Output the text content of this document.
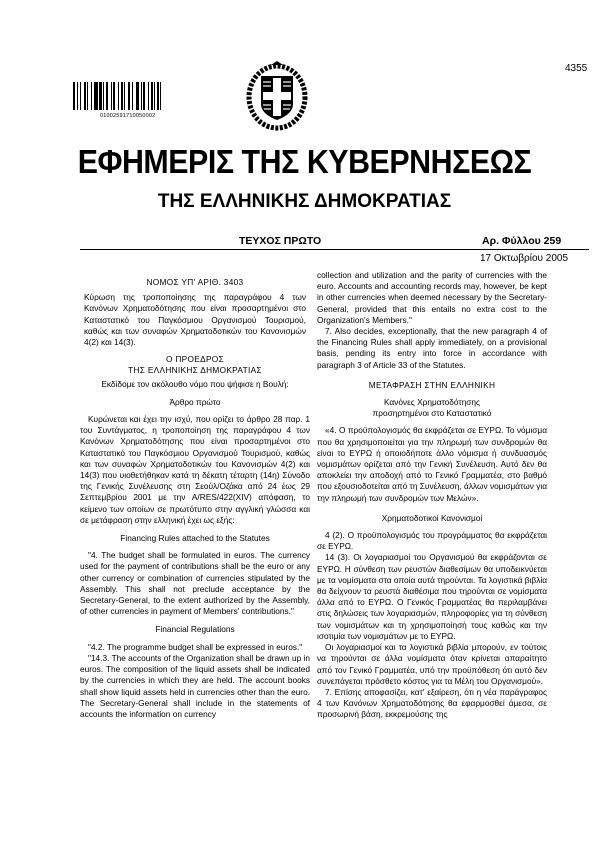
4355
01002591710050002
ΕΦΗΜΕΡΙΣ ΤΗΣ ΚΥΒΕΡΝΗΣΕΩΣ
ΤΗΣ ΕΛΛΗΝΙΚΗΣ ΔΗΜΟΚΡΑΤΙΑΣ
ΤΕΥΧΟΣ ΠΡΩΤΟ	Αρ. Φύλλου 259
17 Οκτωβρίου 2005
ΝΟΜΟΣ ΥΠ' ΑΡΙΘ. 3403

Κύρωση της τροποποίησης της παραγράφου 4 των Κανόνων Χρηματοδότησης που είναι προσαρτημένοι στο Καταστατικό του Παγκόσμιου Οργανισμού Τουρισμού, καθώς και των συναφών Χρηματοδοτικών του Κανονισμών 4(2) και 14(3).

Ο ΠΡΟΕΔΡΟΣ
ΤΗΣ ΕΛΛΗΝΙΚΗΣ ΔΗΜΟΚΡΑΤΙΑΣ
Εκδίδομε τον ακόλουθο νόμο που ψήφισε η Βουλή:
Άρθρο πρώτο

Κυρώνεται και έχει την ισχύ, που ορίζει το άρθρο 28 παρ. 1 του Συντάγματος, η τροποποίηση της παραγράφου 4 των Κανόνων Χρηματοδότησης που είναι προσαρτημένοι στο Καταστατικό του Παγκόσμιου Οργανισμού Τουρισμού, καθώς και των συναφών Χρηματοδοτικών του Κανονισμών 4(2) και 14(3) που υιοθετήθηκαν κατά τη δέκατη τέταρτη (14η) Σύνοδο της Γενικής Συνέλευσης στη Σεούλ/Οζάκα από 24 έως 29 Σεπτεμβρίου 2001 με την A/RES/422(XIV) απόφαση, το κείμενο των οποίων σε πρωτότυπο στην αγγλική γλώσσα και σε μετάφραση στην ελληνική έχει ως εξής:

Financing Rules attached to the Statutes

"4. The budget shall be formulated in euros. The currency used for the payment of contributions shall be the euro or any other currency or combination of currencies stipulated by the Assembly. This shall not preclude acceptance by the Secretary-General, to the extent authorized by the Assembly, of other currencies in payment of Members' contributions."

Financial Regulations

"4.2. The programme budget shall be expressed in euros."

"14.3. The accounts of the Organization shall be drawn up in euros. The composition of the liquid assets shall be indicated by the currencies in which they are held. The account books shall show liquid assets held in currencies other than the euro. The Secretary-General shall include in the statements of accounts the information on currency

collection and utilization and the parity of currencies with the euro. Accounts and accounting records may, however, be kept in other currencies when deemed necessary by the Secretary-General, provided that this entails no extra cost to the Organization's Members."

7. Also decides, exceptionally, that the new paragraph 4 of the Financing Rules shall apply immediately, on a provisional basis, pending its entry into force in accordance with paragraph 3 of Article 33 of the Statutes.

ΜΕΤΑΦΡΑΣΗ ΣΤΗΝ ΕΛΛΗΝΙΚΗ
Κανόνες Χρηματοδότησης
προσηρτημένοι στο Καταστατικό

«4. Ο προϋπολογισμός θα εκφράζεται σε ΕΥΡΩ. Το νόμισμα που θα χρησιμοποιείται για την πληρωμή των συνδρομών θα είναι το ΕΥΡΩ ή οποιοδήποτε άλλο νόμισμα ή συνδυασμός νομισμάτων ορίζεται από την Γενική Συνέλευση. Αυτό δεν θα αποκλείει την αποδοχή από το Γενικό Γραμματέα, στο βαθμό που εξουσιοδοτείται από τη Συνέλευση, άλλων νομισμάτων για την πληρωμή των συνδρομών των Μελών».

Χρηματοδοτικοί Κανονισμοί

4 (2). Ο προϋπολογισμός του προγράμματος θα εκφράζεται σε ΕΥΡΩ.

14 (3). Οι λογαριασμοί του Οργανισμού θα εκφράζονται σε ΕΥΡΩ. Η σύνθεση των ρευστών διαθεσίμων θα υποδεικνύεται με τα νομίσματα στα οποία αυτά τηρούνται. Τα λογιστικά βιβλία θα δείχνουν τα ρευστά διαθέσιμα που τηρούνται σε νομίσματα άλλα από το ΕΥΡΩ. Ο Γενικός Γραμματέας θα περιλαμβάνει στις δηλώσεις των λογαριασμών, πληροφορίες για τη σύνθεση των νομισμάτων και τη χρησιμοποίησή τους καθώς και την ισοτιμία των νομισμάτων με το ΕΥΡΩ.

Οι λογαριασμοί και τα λογιστικά βιβλία μπορούν, εν τούτοις να τηρούνται σε άλλα νομίσματα όταν κρίνεται απαραίτητο από τον Γενικό Γραμματέα, υπό την προϋπόθεση ότι αυτό δεν συνεπάγεται πρόσθετο κόστος για τα Μέλη του Οργανισμού».

7. Επίσης αποφασίζει, κατ' εξαίρεση, ότι η νέα παράγραφος 4 των Κανόνων Χρηματοδότησης θα εφαρμοσθεί άμεσα, σε προσωρινή βάση, εκκρεμούσης της
